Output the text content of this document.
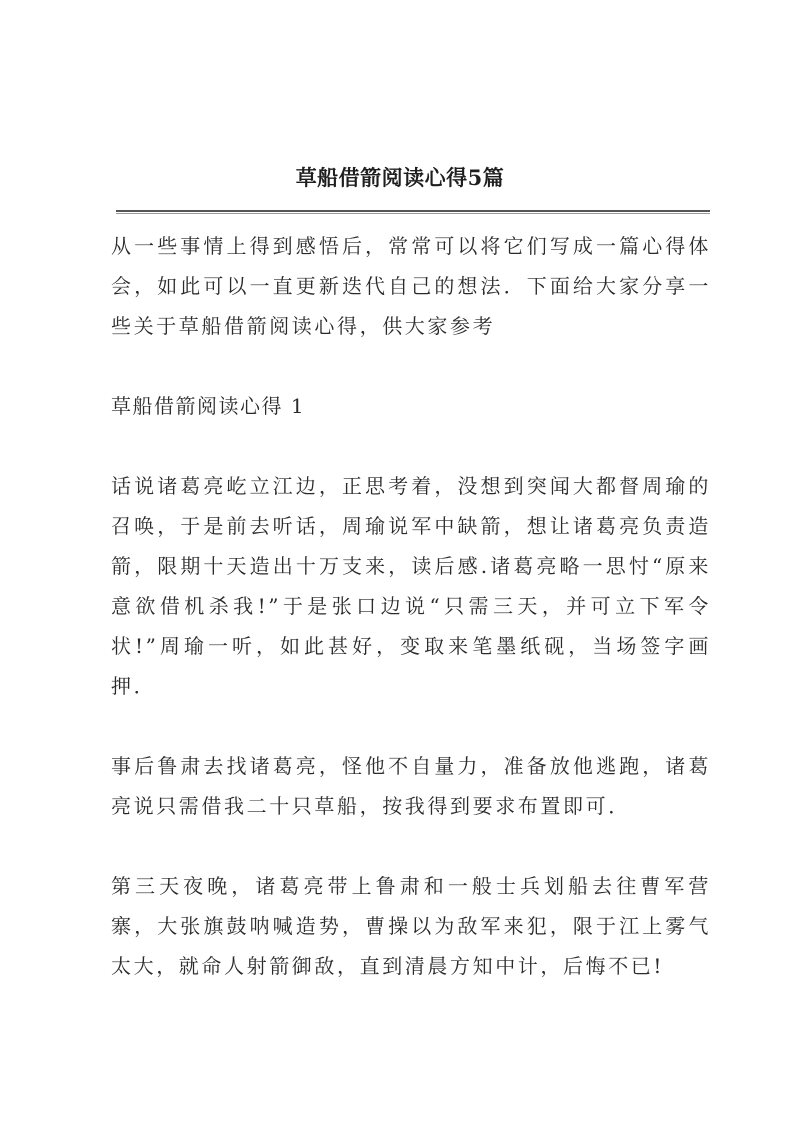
草船借箭阅读心得5篇

从一些事情上得到感悟后，常常可以将它们写成一篇心得体会，如此可以一直更新迭代自己的想法．下面给大家分享一些关于草船借箭阅读心得，供大家参考

草船借箭阅读心得 1

话说诸葛亮屹立江边，正思考着，没想到突闻大都督周瑜的召唤，于是前去听话，周瑜说军中缺箭，想让诸葛亮负责造箭，限期十天造出十万支来，读后感.诸葛亮略一思忖“原来意欲借机杀我!”于是张口边说“只需三天，并可立下军令状!”周瑜一听，如此甚好，变取来笔墨纸砚，当场签字画押．

事后鲁肃去找诸葛亮，怪他不自量力，准备放他逃跑，诸葛亮说只需借我二十只草船，按我得到要求布置即可．

第三天夜晚，诸葛亮带上鲁肃和一般士兵划船去往曹军营寨，大张旗鼓呐喊造势，曹操以为敌军来犯，限于江上雾气太大，就命人射箭御敌，直到清晨方知中计，后悔不已!
